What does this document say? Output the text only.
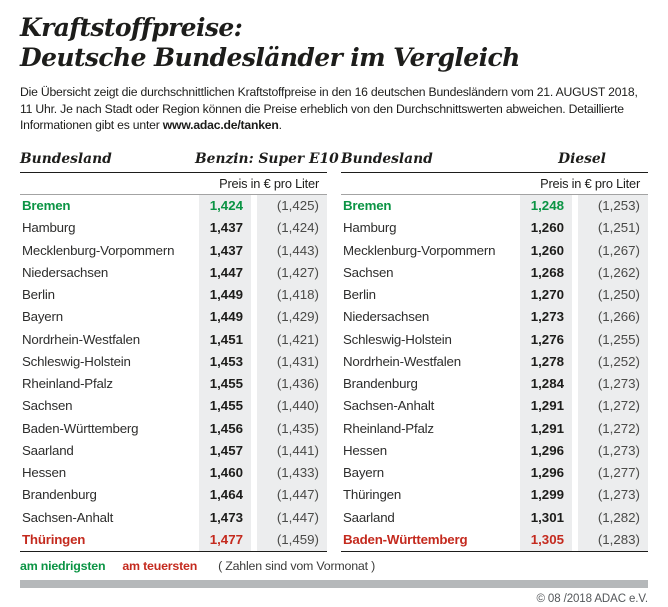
Kraftstoffpreise:
Deutsche Bundesländer im Vergleich

Die Übersicht zeigt die durchschnittlichen Kraftstoffpreise in den 16 deutschen Bundesländern vom 21. AUGUST 2018, 11 Uhr. Je nach Stadt oder Region können die Preise erheblich von den Durchschnittswerten abweichen. Detaillierte Informationen gibt es unter www.adac.de/tanken.

Bundesland	Benzin: Super E10
Preis in € pro Liter
Bremen	1,424	(1,425)
Hamburg	1,437	(1,424)
Mecklenburg-Vorpommern	1,437	(1,443)
Niedersachsen	1,447	(1,427)
Berlin	1,449	(1,418)
Bayern	1,449	(1,429)
Nordrhein-Westfalen	1,451	(1,421)
Schleswig-Holstein	1,453	(1,431)
Rheinland-Pfalz	1,455	(1,436)
Sachsen	1,455	(1,440)
Baden-Württemberg	1,456	(1,435)
Saarland	1,457	(1,441)
Hessen	1,460	(1,433)
Brandenburg	1,464	(1,447)
Sachsen-Anhalt	1,473	(1,447)
Thüringen	1,477	(1,459)
Bundesland	Diesel
Preis in € pro Liter
Bremen	1,248	(1,253)
Hamburg	1,260	(1,251)
Mecklenburg-Vorpommern	1,260	(1,267)
Sachsen	1,268	(1,262)
Berlin	1,270	(1,250)
Niedersachsen	1,273	(1,266)
Schleswig-Holstein	1,276	(1,255)
Nordrhein-Westfalen	1,278	(1,252)
Brandenburg	1,284	(1,273)
Sachsen-Anhalt	1,291	(1,272)
Rheinland-Pfalz	1,291	(1,272)
Hessen	1,296	(1,273)
Bayern	1,296	(1,277)
Thüringen	1,299	(1,273)
Saarland	1,301	(1,282)
Baden-Württemberg	1,305	(1,283)
am niedrigsten am teuersten ( Zahlen sind vom Vormonat )
© 08 /2018 ADAC e.V.
